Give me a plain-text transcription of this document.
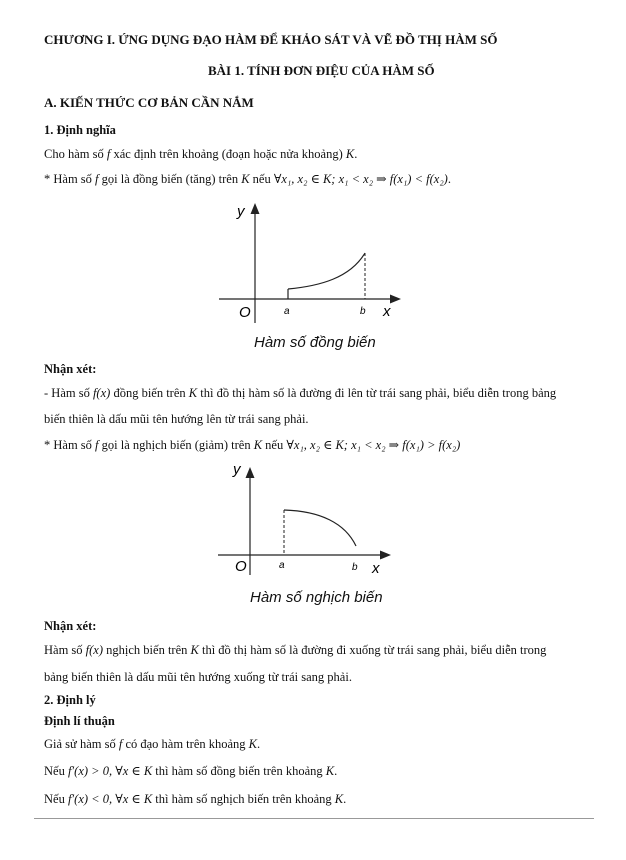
CHƯƠNG I. ỨNG DỤNG ĐẠO HÀM ĐỂ KHẢO SÁT VÀ VẼ ĐỒ THỊ HÀM SỐ
BÀI 1. TÍNH ĐƠN ĐIỆU CỦA HÀM SỐ
A. KIẾN THỨC CƠ BẢN CẦN NẮM
1. Định nghĩa
Cho hàm số f xác định trên khoảng (đoạn hoặc nửa khoảng) K.
* Hàm số f gọi là đồng biến (tăng) trên K nếu ∀x₁, x₂ ∈ K; x₁ < x₂ ⇒ f(x₁) < f(x₂).
y
x
O	a	b
Hàm số đồng biến
Nhận xét:
- Hàm số f(x) đồng biến trên K thì đồ thị hàm số là đường đi lên từ trái sang phải, biểu diễn trong bảng
biến thiên là dấu mũi tên hướng lên từ trái sang phải.
* Hàm số f gọi là nghịch biến (giảm) trên K nếu ∀x₁, x₂ ∈ K; x₁ < x₂ ⇒ f(x₁) > f(x₂)
y
x
O	a	b
Hàm số nghịch biến
Nhận xét:
Hàm số f(x) nghịch biến trên K thì đồ thị hàm số là đường đi xuống từ trái sang phải, biểu diễn trong
bảng biến thiên là dấu mũi tên hướng xuống từ trái sang phải.
2. Định lý
Định lí thuận
Giả sử hàm số f có đạo hàm trên khoảng K.
Nếu f′(x) > 0, ∀x ∈ K thì hàm số đồng biến trên khoảng K.
Nếu f′(x) < 0, ∀x ∈ K thì hàm số nghịch biến trên khoảng K.
